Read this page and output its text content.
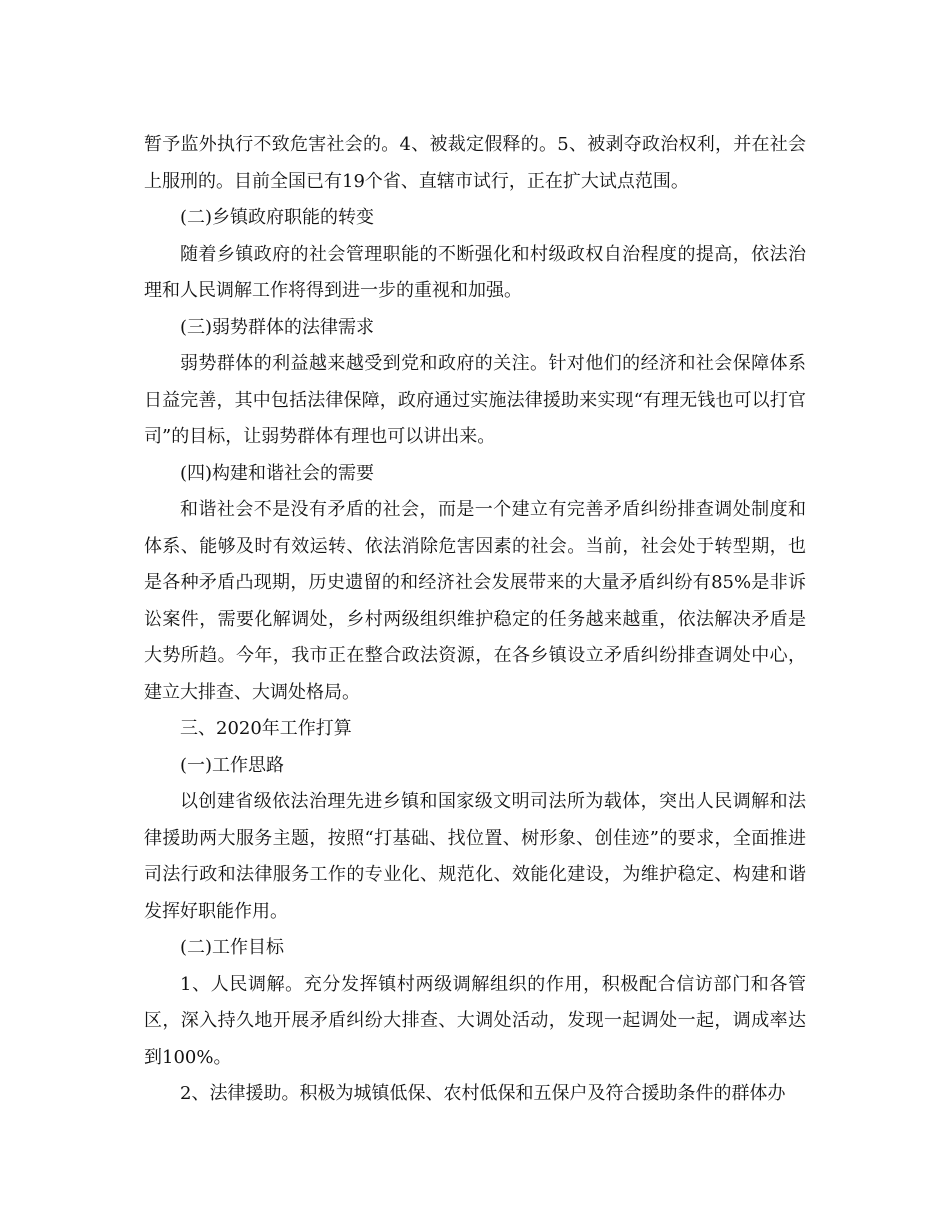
暂予监外执行不致危害社会的。4、被裁定假释的。5、被剥夺政治权利，并在社会上服刑的。目前全国已有19个省、直辖市试行，正在扩大试点范围。

(二)乡镇政府职能的转变

随着乡镇政府的社会管理职能的不断强化和村级政权自治程度的提高，依法治理和人民调解工作将得到进一步的重视和加强。

(三)弱势群体的法律需求

弱势群体的利益越来越受到党和政府的关注。针对他们的经济和社会保障体系日益完善，其中包括法律保障，政府通过实施法律援助来实现“有理无钱也可以打官司”的目标，让弱势群体有理也可以讲出来。

(四)构建和谐社会的需要

和谐社会不是没有矛盾的社会，而是一个建立有完善矛盾纠纷排查调处制度和体系、能够及时有效运转、依法消除危害因素的社会。当前，社会处于转型期，也是各种矛盾凸现期，历史遗留的和经济社会发展带来的大量矛盾纠纷有85%是非诉讼案件，需要化解调处，乡村两级组织维护稳定的任务越来越重，依法解决矛盾是大势所趋。今年，我市正在整合政法资源，在各乡镇设立矛盾纠纷排查调处中心，建立大排查、大调处格局。

三、2020年工作打算

(一)工作思路

以创建省级依法治理先进乡镇和国家级文明司法所为载体，突出人民调解和法律援助两大服务主题，按照“打基础、找位置、树形象、创佳迹”的要求，全面推进司法行政和法律服务工作的专业化、规范化、效能化建设，为维护稳定、构建和谐发挥好职能作用。

(二)工作目标

1、人民调解。充分发挥镇村两级调解组织的作用，积极配合信访部门和各管区，深入持久地开展矛盾纠纷大排查、大调处活动，发现一起调处一起，调成率达到100%。

2、法律援助。积极为城镇低保、农村低保和五保户及符合援助条件的群体办
